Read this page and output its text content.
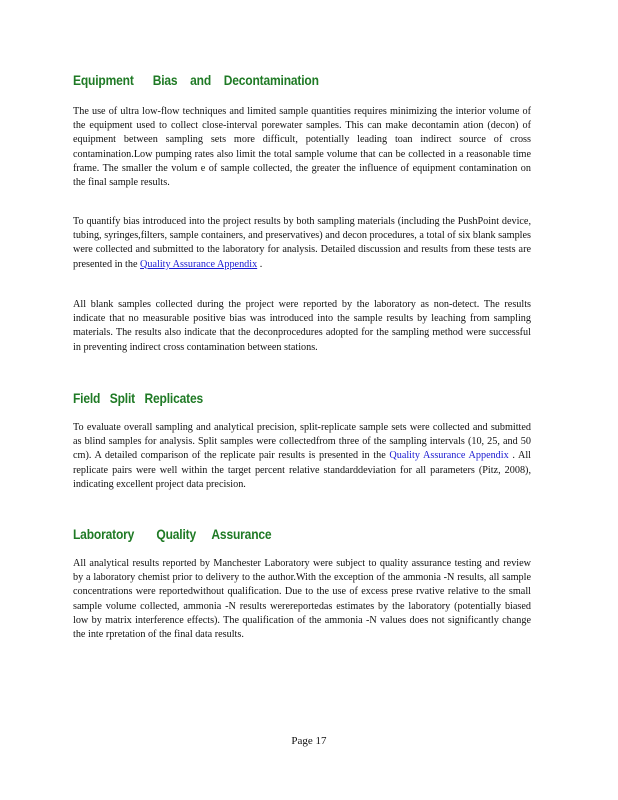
Equipment      Bias    and    Decontamination

The use of ultra low-flow techniques and limited sample quantities requires minimizing the interior volume of the equipment used to collect close-interval porewater samples. This can make decontamin ation (decon) of equipment between sampling sets more difficult, potentially leading toan indirect source of cross contamination.Low pumping rates also limit the total sample volume that can be collected in a reasonable time frame. The smaller the volum e of sample collected, the greater the influence of equipment contamination on the final sample results.

To quantify bias introduced into the project results by both sampling materials (including the PushPoint device, tubing, syringes,filters, sample containers, and preservatives) and decon procedures, a total of six blank samples were collected and submitted to the laboratory for analysis. Detailed discussion and results from these tests are presented in the Quality Assurance Appendix .

All blank samples collected during the project were reported by the laboratory as non-detect. The results indicate that no measurable positive bias was introduced into the sample results by leaching from sampling materials. The results also indicate that the deconprocedures adopted for the sampling method were successful in preventing indirect cross contamination between stations.

Field   Split   Replicates

To evaluate overall sampling and analytical precision, split-replicate sample sets were collected and submitted as blind samples for analysis. Split samples were collectedfrom three of the sampling intervals (10, 25, and 50 cm). A detailed comparison of the replicate pair results is presented in the Quality Assurance Appendix . All replicate pairs were well within the target percent relative standarddeviation for all parameters (Pitz, 2008), indicating excellent project data precision.

Laboratory       Quality     Assurance

All analytical results reported by Manchester Laboratory were subject to quality assurance testing and review by a laboratory chemist prior to delivery to the author.With the exception of the ammonia -N results, all sample concentrations were reportedwithout qualification. Due to the use of excess prese rvative relative to the small sample volume collected, ammonia -N results werereportedas estimates by the laboratory (potentially biased low by matrix interference effects). The qualification of the ammonia -N values does not significantly change the inte rpretation of the final data results.

Page 17
